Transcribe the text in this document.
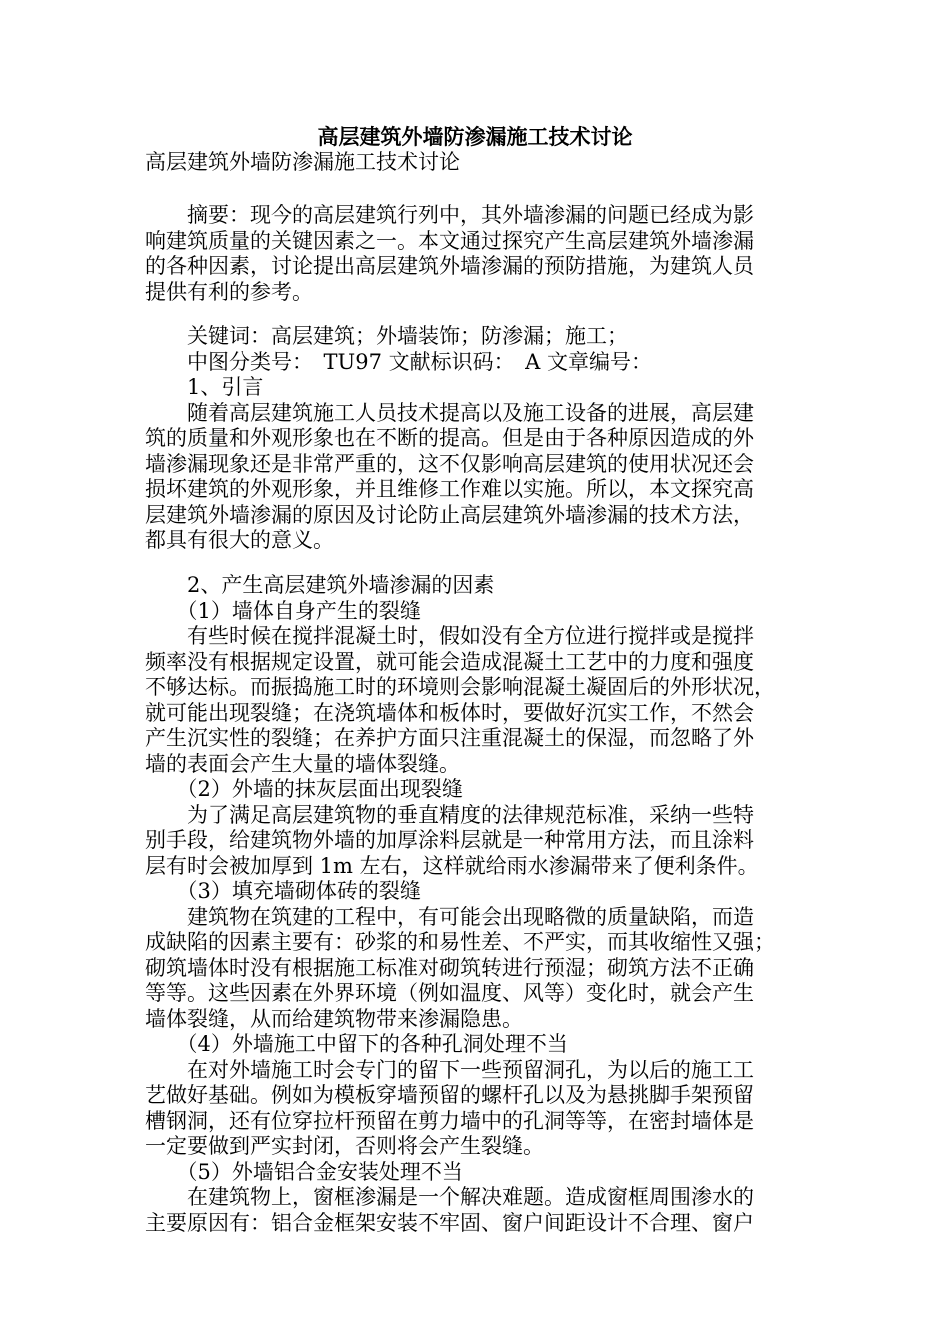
高层建筑外墙防渗漏施工技术讨论
高层建筑外墙防渗漏施工技术讨论
　　摘要：现今的高层建筑行列中，其外墙渗漏的问题已经成为影
响建筑质量的关键因素之一。本文通过探究产生高层建筑外墙渗漏
的各种因素，讨论提出高层建筑外墙渗漏的预防措施，为建筑人员
提供有利的参考。
　　关键词：高层建筑；外墙装饰；防渗漏；施工；
　　中图分类号：　TU97 文献标识码：　A 文章编号：
　　1、引言
　　随着高层建筑施工人员技术提高以及施工设备的进展，高层建
筑的质量和外观形象也在不断的提高。但是由于各种原因造成的外
墙渗漏现象还是非常严重的，这不仅影响高层建筑的使用状况还会
损坏建筑的外观形象，并且维修工作难以实施。所以，本文探究高
层建筑外墙渗漏的原因及讨论防止高层建筑外墙渗漏的技术方法，
都具有很大的意义。
　　2、产生高层建筑外墙渗漏的因素
　　（1）墙体自身产生的裂缝
　　有些时候在搅拌混凝土时，假如没有全方位进行搅拌或是搅拌
频率没有根据规定设置，就可能会造成混凝土工艺中的力度和强度
不够达标。而振捣施工时的环境则会影响混凝土凝固后的外形状况，
就可能出现裂缝；在浇筑墙体和板体时，要做好沉实工作，不然会
产生沉实性的裂缝；在养护方面只注重混凝土的保湿，而忽略了外
墙的表面会产生大量的墙体裂缝。
　　（2）外墙的抹灰层面出现裂缝
　　为了满足高层建筑物的垂直精度的法律规范标准，采纳一些特
别手段，给建筑物外墙的加厚涂料层就是一种常用方法，而且涂料
层有时会被加厚到 1m 左右，这样就给雨水渗漏带来了便利条件。
　　（3）填充墙砌体砖的裂缝
　　建筑物在筑建的工程中，有可能会出现略微的质量缺陷，而造
成缺陷的因素主要有：砂浆的和易性差、不严实，而其收缩性又强；
砌筑墙体时没有根据施工标准对砌筑转进行预湿；砌筑方法不正确
等等。这些因素在外界环境（例如温度、风等）变化时，就会产生
墙体裂缝，从而给建筑物带来渗漏隐患。
　　（4）外墙施工中留下的各种孔洞处理不当
　　在对外墙施工时会专门的留下一些预留洞孔，为以后的施工工
艺做好基础。例如为模板穿墙预留的螺杆孔以及为悬挑脚手架预留
槽钢洞，还有位穿拉杆预留在剪力墙中的孔洞等等，在密封墙体是
一定要做到严实封闭，否则将会产生裂缝。
　　（5）外墙铝合金安装处理不当
　　在建筑物上，窗框渗漏是一个解决难题。造成窗框周围渗水的
主要原因有：铝合金框架安装不牢固、窗户间距设计不合理、窗户
